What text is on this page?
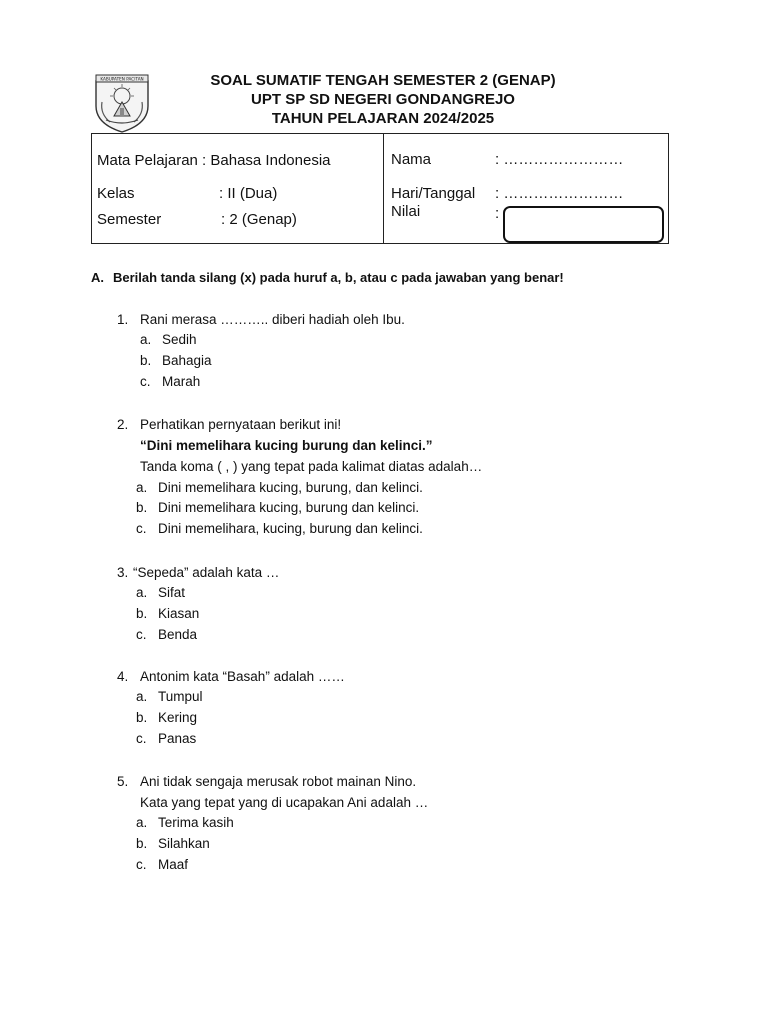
KABUPATEN PACITAN	SOAL SUMATIF TENGAH SEMESTER 2 (GENAP)
UPT SP SD NEGERI GONDANGREJO
TAHUN PELAJARAN 2024/2025
Mata Pelajaran : Bahasa Indonesia
Kelas	: II (Dua)
Semester	: 2 (Genap)
Nama	: ……………………
Hari/Tanggal : ……………………
Nilai	:
A. Berilah tanda silang (x) pada huruf a, b, atau c pada jawaban yang benar!
1. Rani merasa ……….. diberi hadiah oleh Ibu.
a. Sedih
b. Bahagia
c. Marah
2. Perhatikan pernyataan berikut ini!
“Dini memelihara kucing burung dan kelinci.”
Tanda koma ( , ) yang tepat pada kalimat diatas adalah…
a. Dini memelihara kucing, burung, dan kelinci.
b. Dini memelihara kucing, burung dan kelinci.
c. Dini memelihara, kucing, burung dan kelinci.
3. “Sepeda” adalah kata …
a. Sifat
b. Kiasan
c. Benda
4. Antonim kata “Basah” adalah ……
a. Tumpul
b. Kering
c. Panas
5. Ani tidak sengaja merusak robot mainan Nino.
Kata yang tepat yang di ucapakan Ani adalah …
a. Terima kasih
b. Silahkan
c. Maaf
